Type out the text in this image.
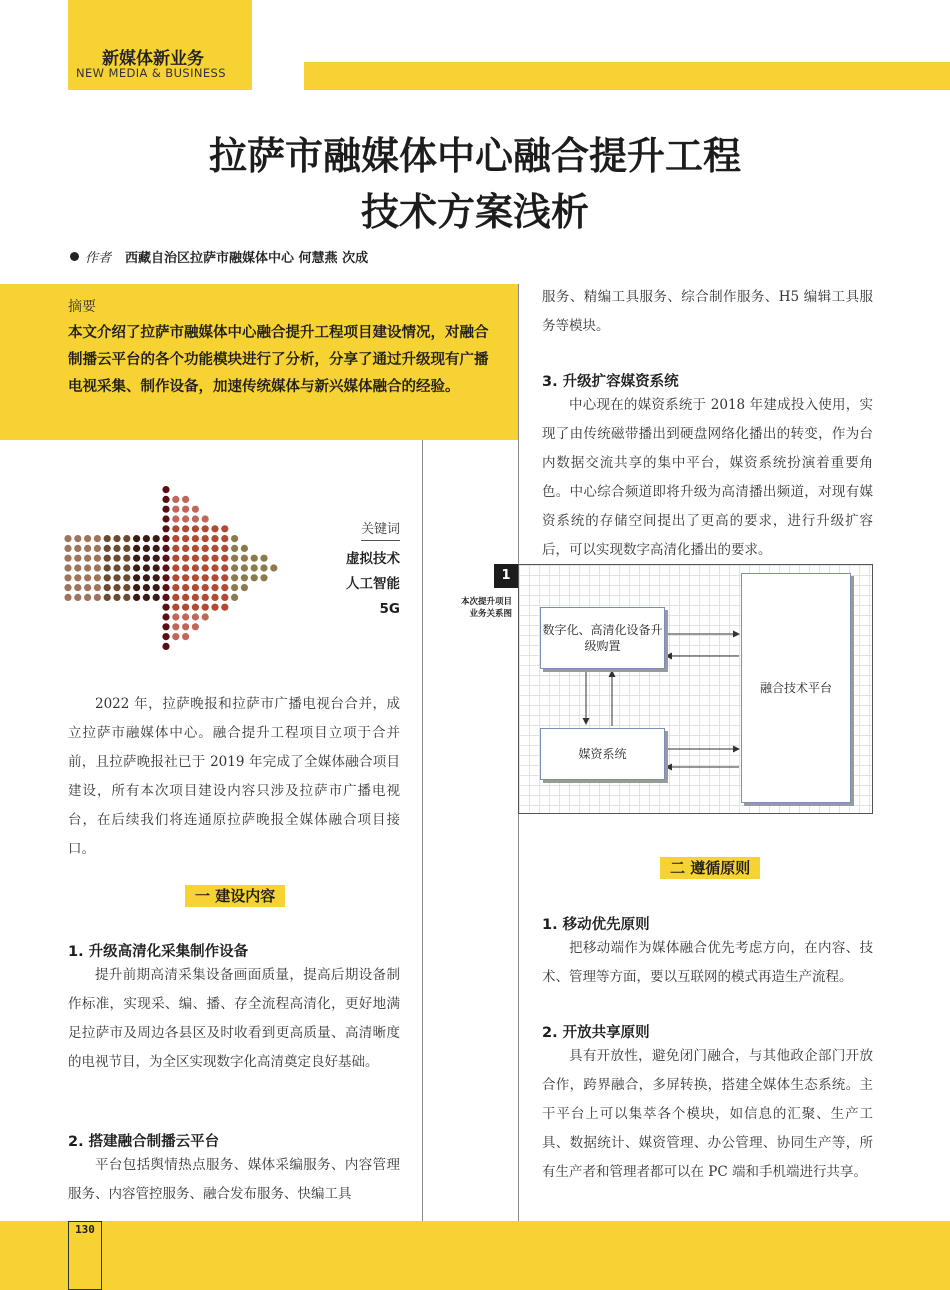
新媒体新业务
NEW MEDIA & BUSINESS
拉萨市融媒体中心融合提升工程
技术方案浅析
作者 西藏自治区拉萨市融媒体中心 何慧燕 次成
摘要
本文介绍了拉萨市融媒体中心融合提升工程项目建设情况，对融合制播云平台的各个功能模块进行了分析，分享了通过升级现有广播电视采集、制作设备，加速传统媒体与新兴媒体融合的经验。
关键词
虚拟技术
人工智能
5G
2022 年，拉萨晚报和拉萨市广播电视台合并，成立拉萨市融媒体中心。融合提升工程项目立项于合并前，且拉萨晚报社已于 2019 年完成了全媒体融合项目建设，所有本次项目建设内容只涉及拉萨市广播电视台，在后续我们将连通原拉萨晚报全媒体融合项目接口。
一 建设内容
1. 升级高清化采集制作设备
提升前期高清采集设备画面质量，提高后期设备制作标准，实现采、编、播、存全流程高清化，更好地满足拉萨市及周边各县区及时收看到更高质量、高清晰度的电视节目，为全区实现数字化高清奠定良好基础。
2. 搭建融合制播云平台
平台包括舆情热点服务、媒体采编服务、内容管理服务、内容管控服务、融合发布服务、快编工具
服务、精编工具服务、综合制作服务、H5 编辑工具服务等模块。
3. 升级扩容媒资系统
中心现在的媒资系统于 2018 年建成投入使用，实现了由传统磁带播出到硬盘网络化播出的转变，作为台内数据交流共享的集中平台，媒资系统扮演着重要角色。中心综合频道即将升级为高清播出频道，对现有媒资系统的存储空间提出了更高的要求，进行升级扩容后，可以实现数字高清化播出的要求。
1
本次提升项目
业务关系图
数字化、高清化设备升级购置
媒资系统
融合技术平台
二 遵循原则
1. 移动优先原则
把移动端作为媒体融合优先考虑方向，在内容、技术、管理等方面，要以互联网的模式再造生产流程。
2. 开放共享原则
具有开放性，避免闭门融合，与其他政企部门开放合作，跨界融合，多屏转换，搭建全媒体生态系统。主干平台上可以集萃各个模块，如信息的汇聚、生产工具、数据统计、媒资管理、办公管理、协同生产等，所有生产者和管理者都可以在 PC 端和手机端进行共享。
130
